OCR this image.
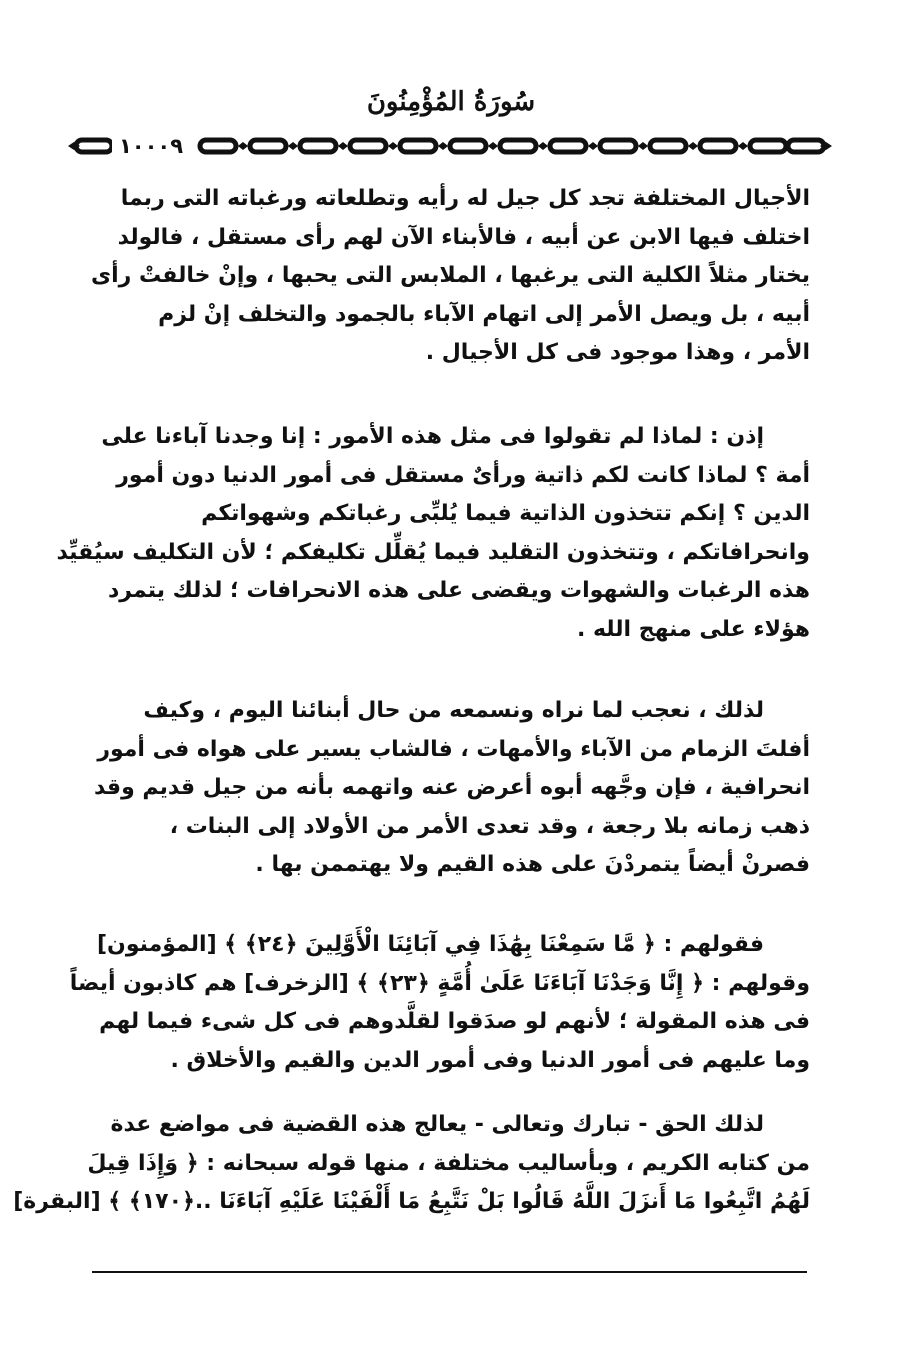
سُورَةُ المُؤْمِنُونَ
١٠٠٠٩
الأجيال المختلفة تجد كل جيل له رأيه وتطلعاته ورغباته التى ربما
اختلف فيها الابن عن أبيه ، فالأبناء الآن لهم رأى مستقل ، فالولد
يختار مثلاً الكلية التى يرغبها ، الملابس التى يحبها ، وإنْ خالفتْ رأى
أبيه ، بل ويصل الأمر إلى اتهام الآباء بالجمود والتخلف إنْ لزم
الأمر ، وهذا موجود فى كل الأجيال .
إذن : لماذا لم تقولوا فى مثل هذه الأمور : إنا وجدنا آباءنا على
أمة ؟ لماذا كانت لكم ذاتية ورأىٌ مستقل فى أمور الدنيا دون أمور
الدين ؟ إنكم تتخذون الذاتية فيما يُلبِّى رغباتكم وشهواتكم
وانحرافاتكم ، وتتخذون التقليد فيما يُقلِّل تكليفكم ؛ لأن التكليف سيُقيِّد
هذه الرغبات والشهوات ويقضى على هذه الانحرافات ؛ لذلك يتمرد
هؤلاء على منهج الله .
لذلك ، نعجب لما نراه ونسمعه من حال أبنائنا اليوم ، وكيف
أفلتَ الزمام من الآباء والأمهات ، فالشاب يسير على هواه فى أمور
انحرافية ، فإن وجَّهه أبوه أعرض عنه واتهمه بأنه من جيل قديم وقد
ذهب زمانه بلا رجعة ، وقد تعدى الأمر من الأولاد إلى البنات ،
فصرنْ أيضاً يتمردْنَ على هذه القيم ولا يهتممن بها .
فقولهم : ﴿ مَّا سَمِعْنَا بِهَٰذَا فِي آبَائِنَا الْأَوَّلِينَ ﴿٢٤﴾ ﴾ [المؤمنون]
وقولهم : ﴿ إِنَّا وَجَدْنَا آبَاءَنَا عَلَىٰ أُمَّةٍ ﴿٢٣﴾ ﴾ [الزخرف] هم كاذبون أيضاً
فى هذه المقولة ؛ لأنهم لو صدَقوا لقلَّدوهم فى كل شىء فيما لهم
وما عليهم فى أمور الدنيا وفى أمور الدين والقيم والأخلاق .
لذلك الحق - تبارك وتعالى - يعالج هذه القضية فى مواضع عدة
من كتابه الكريم ، وبأساليب مختلفة ، منها قوله سبحانه : ﴿ وَإِذَا قِيلَ
لَهُمُ اتَّبِعُوا مَا أَنزَلَ اللَّهُ قَالُوا بَلْ نَتَّبِعُ مَا أَلْفَيْنَا عَلَيْهِ آبَاءَنَا ..﴿١٧٠﴾ ﴾ [البقرة]
